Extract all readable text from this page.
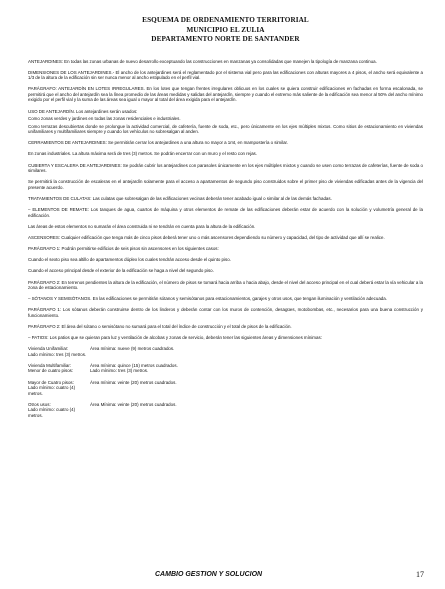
ESQUEMA DE ORDENAMIENTO TERRITORIAL
MUNICIPIO EL ZULIA
DEPARTAMENTO NORTE DE SANTANDER

ANTEJARDINES: En todas las zonas urbanas de nuevo desarrollo exceptuando las construcciones en manzanas ya consolidadas que manejen la tipología de manzana continua.

DIMENSIONES DE LOS ANTEJARDINES.- El ancho de los antejardines será el reglamentado por el sistema vial pero para las edificaciones con alturas mayores a 4 pisos, el ancho será equivalente a 1/3 de la altura de la edificación sin ser nunca menor al ancho estipulado en el perfil vial.

PARÁGRAFO: ANTEJARDÍN EN LOTES IRREGULARES. En los lotes que tengan frentes irregulares oblicuos en los cuales se quiera construir edificaciones en fachadas en forma escalonada, se permitirá que el ancho del antejardín sea la línea promedio de las áreas medidas y salidas del antejardín, siempre y cuando el extremo más saliente de la edificación sea menor al 50% del ancho mínimo exigido por el perfil vial y la suma de las áreas sea igual o mayor al total del área exigida para el antejardín.

USO DE ANTEJARDÍN. Los antejardines serán usados:

Como zonas verdes y jardines en todas las zonas residenciales e industriales.

Como terrazas descubiertas donde se prolongue la actividad comercial, de cafetería, fuente de soda, etc., pero únicamente en los ejes múltiples mixtos. Como sitios de estacionamiento en viviendas unifamiliares y multifamiliares siempre y cuando los vehículos no sobresalgan al anden.

CERRAMIENTOS DE ANTEJARDINES: Se permitirán cerrar los antejardines a una altura no mayor a 1mt, en mampostería o similar.

En zonas industriales. La altura máxima será de tres (3) metros. Se podrán encerrar con un muro y el resto con rejas.

CUBIERTA Y ESCALERA DE ANTEJARDINES: Se podrán cubrir los antejardines con parasoles únicamente en los ejes múltiples mixtos y cuando se usen como terrazas de cafeterías, fuente de soda o similares.

Se permitirá la construcción de escaleras en el antejardín solamente para el acceso a apartamentos de segundo piso construidos sobre el primer piso de viviendas edificadas antes de la vigencia del presente acuerdo.

TRATAMIENTOS DE CULATAS: Las culatas que sobresalgan de las edificaciones vecinas deberán tener acabado igual o similar al de las demás fachadas.

– ELEMENTOS DE REMATE: Los tanques de agua, cuartos de máquina y otros elementos de remate de las edificaciones deberán estar de acuerdo con la solución y volumetría general de la edificación.

Las áreas de estos elementos no sumarán el área construida ni se tendrán en cuenta para la altura de la edificación.

ASCENSORES: Cualquier edificación que tenga más de cinco pisos deberá tener uno o más ascensores dependiendo su número y capacidad, del tipo de actividad que allí se realice.

PARÁGRAFO 1: Podrán permitirse edificios de seis pisos sin ascensores en los siguientes casos:

Cuando el sexto piso sea altillo de apartamentos dúplex los cuales tendrán acceso desde el quinto piso.

Cuando el acceso principal desde el exterior de la edificación se haga a nivel del segundo piso.

PARÁGRAFO 2: En terrenos pendientes la altura de la edificación, el número de pisos se tomará hacia arriba o hacia abajo, desde el nivel del acceso principal en el cual deberá estar la vía vehicular a la zona de estacionamiento.

– SÓTANOS Y SEMISÓTANOS. En las edificaciones se permitirán sótanos y semisótanos para estacionamientos, garajes y otros usos, que tengan iluminación y ventilación adecuada.

PARÁGRAFO 1: Los sótanos deberán construirse dentro de los linderos y deberán contar con los muros de contención, desagües, motobombas, etc., necesarios para una buena construcción y funcionamiento.

PARÁGRAFO 2: El área del sótano o semisótano no sumará para el total del índice de construcción y el total de pisos de la edificación.

– PATIOS: Los patios que se quieran para luz y ventilación de alcobas y zonas de servicio, deberán tener las siguientes áreas y dimensiones mínimas:

Vivienda Unifamiliar:	Área mínima: nueve (9) metros cuadrados.
Lado mínimo: tres (3) metros.
Vivienda Multifamiliar:	Área mínima: quince (15) metros cuadrados.
Menor de cuatro pisos:	Lado mínimo: tres (3) metros.
Mayor de Cuatro pisos:	Área mínima: veinte (20) metros cuadrados.
Lado mínimo: cuatro (4) metros.
Otros usos:	Área Mínima: veinte (20) metros cuadrados.
Lado mínimo: cuatro (4) metros.
CAMBIO GESTION Y SOLUCION	17
